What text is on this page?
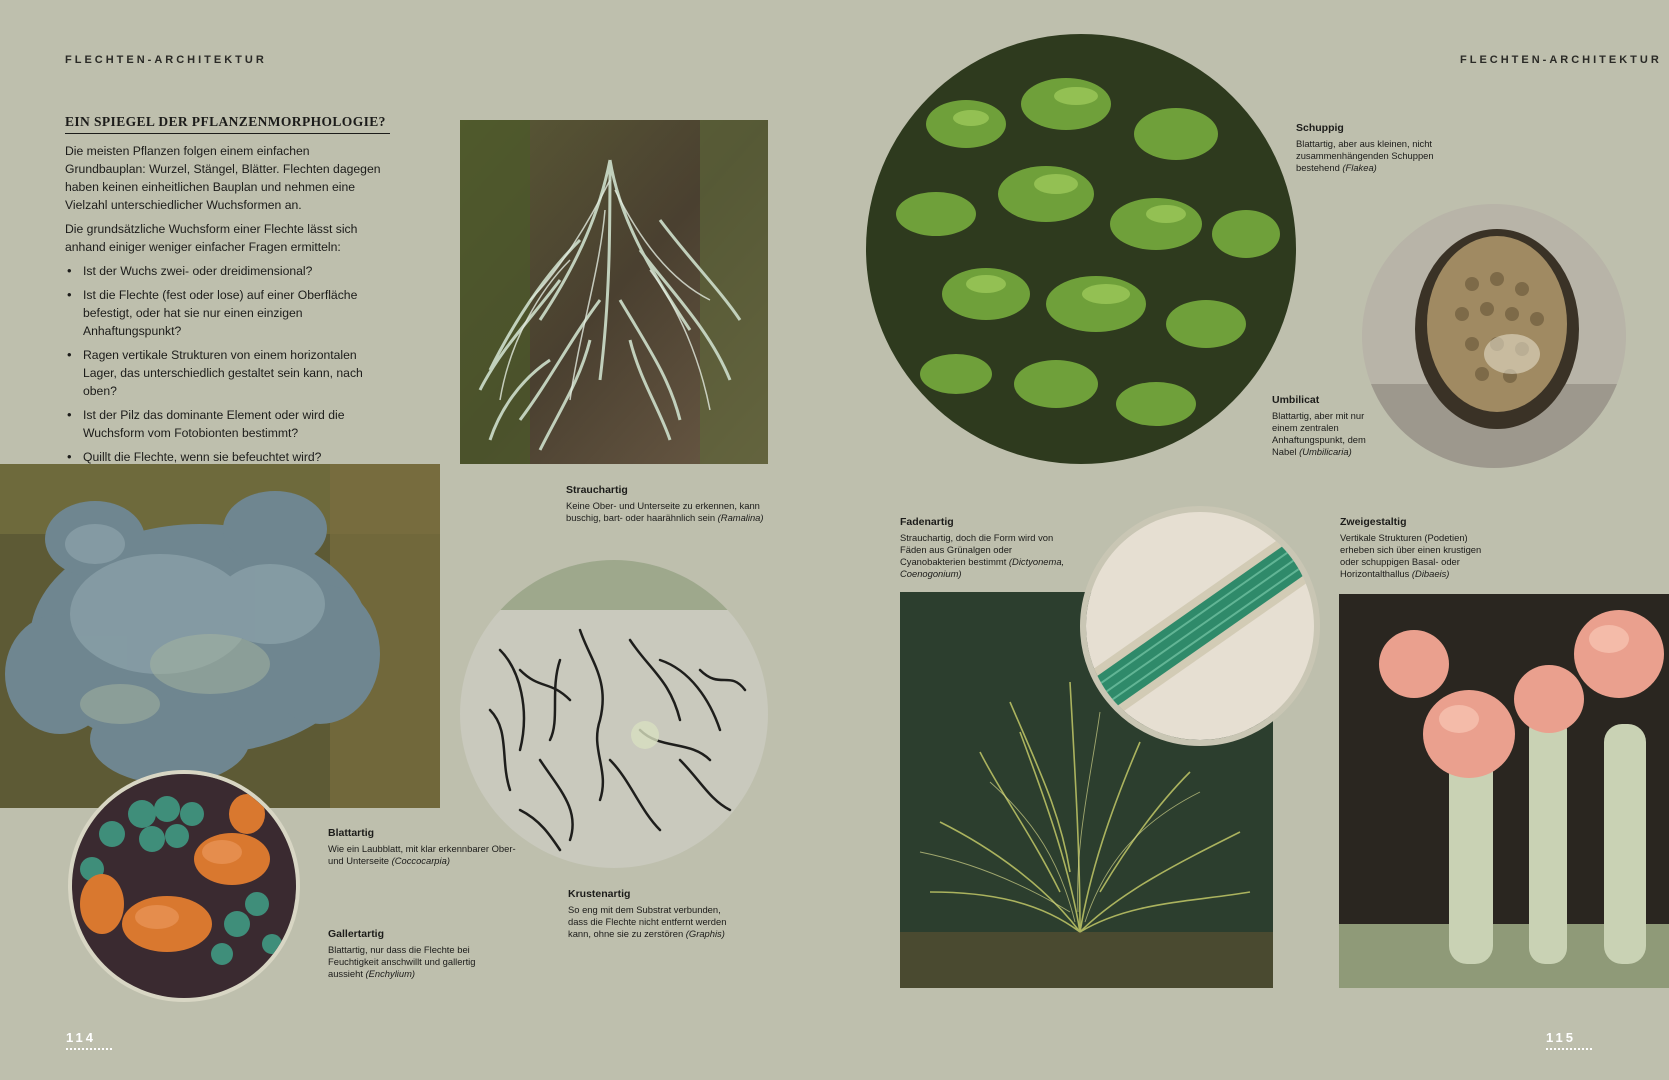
FLECHTEN-ARCHITEKTUR	FLECHTEN-ARCHITEKTUR
EIN SPIEGEL DER PFLANZENMORPHOLOGIE?

Die meisten Pflanzen folgen einem einfachen Grundbauplan: Wurzel, Stängel, Blätter. Flechten dagegen haben keinen einheitlichen Bauplan und nehmen eine Vielzahl unterschiedlicher Wuchsformen an.

Die grundsätzliche Wuchsform einer Flechte lässt sich anhand einiger weniger einfacher Fragen ermitteln:

• Ist der Wuchs zwei- oder dreidimensional?
• Ist die Flechte (fest oder lose) auf einer Oberfläche befestigt, oder hat sie nur einen einzigen Anhaftungspunkt?
• Ragen vertikale Strukturen von einem horizontalen Lager, das unterschiedlich gestaltet sein kann, nach oben?
• Ist der Pilz das dominante Element oder wird die Wuchsform vom Fotobionten bestimmt?
• Quillt die Flechte, wenn sie befeuchtet wird?
Strauchartig
Keine Ober- und Unterseite zu erkennen, kann buschig, bart- oder haarähnlich sein (Ramalina)
Blattartig
Wie ein Laubblatt, mit klar erkennbarer Ober- und Unterseite (Coccocarpia)
Gallertartig
Blattartig, nur dass die Flechte bei Feuchtigkeit anschwillt und gallertig aussieht (Enchylium)
Krustenartig
So eng mit dem Substrat verbunden, dass die Flechte nicht entfernt werden kann, ohne sie zu zerstören (Graphis)
Schuppig
Blattartig, aber aus kleinen, nicht zusammenhängenden Schuppen bestehend (Flakea)
Umbilicat
Blattartig, aber mit nur einem zentralen Anhaftungspunkt, dem Nabel (Umbilicaria)
Fadenartig
Strauchartig, doch die Form wird von Fäden aus Grünalgen oder Cyanobakterien bestimmt (Dictyonema, Coenogonium)
Zweigestaltig
Vertikale Strukturen (Podetien) erheben sich über einen krustigen oder schuppigen Basal- oder Horizontalthallus (Dibaeis)
114	115
